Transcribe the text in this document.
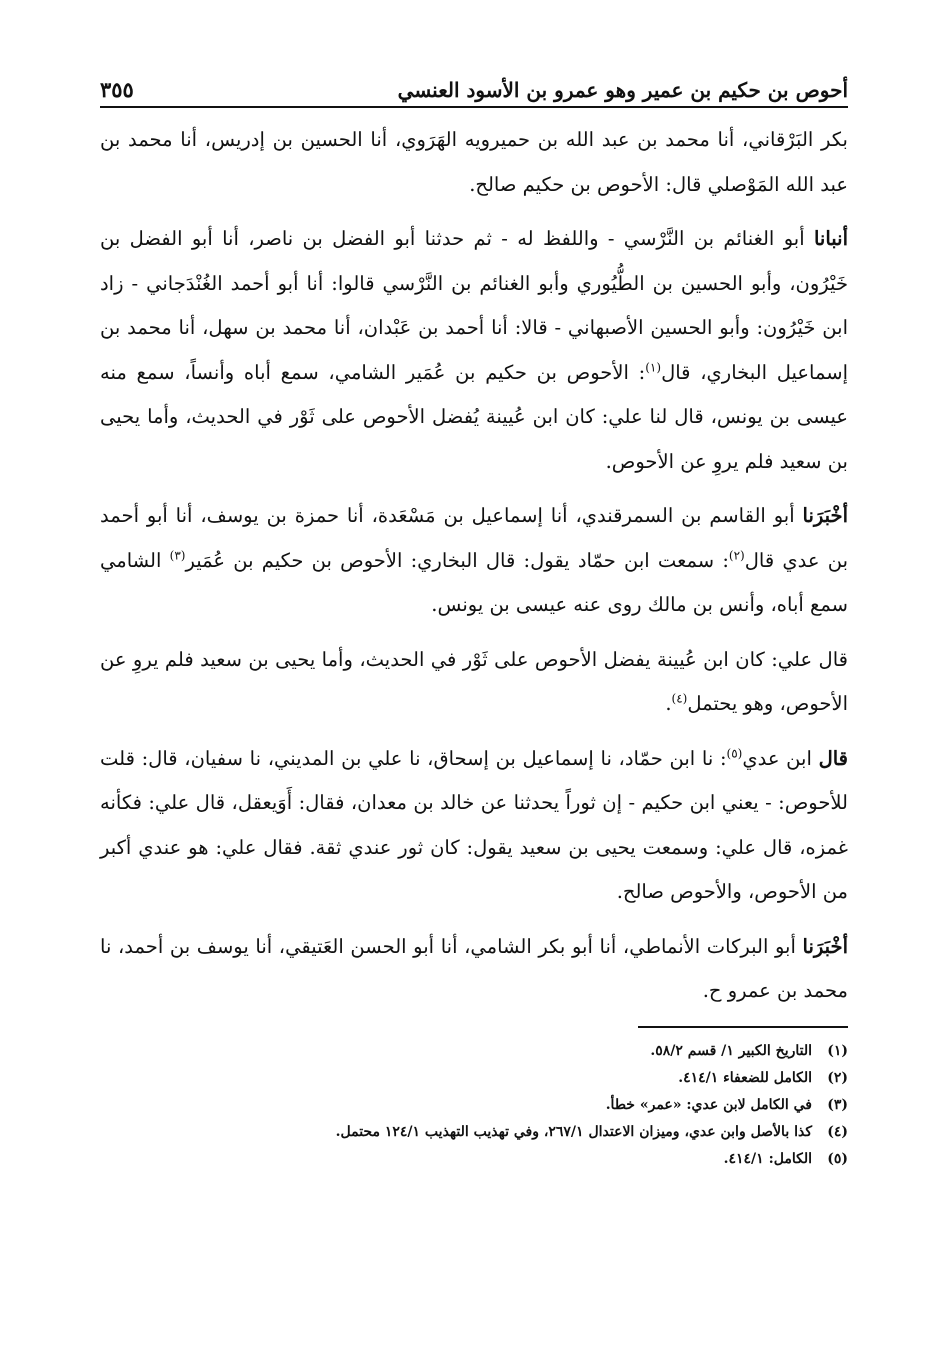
أحوص بن حكيم بن عمير وهو عمرو بن الأسود العنسي
٣٥٥

بكر البَرْقاني، أنا محمد بن عبد الله بن حميرويه الهَرَوي، أنا الحسين بن إدريس، أنا محمد بن عبد الله المَوْصلي قال: الأحوص بن حكيم صالح.

أنبانا أبو الغنائم بن النَّرْسي - واللفظ له - ثم حدثنا أبو الفضل بن ناصر، أنا أبو الفضل بن خَيْرُون، وأبو الحسين بن الطُّيُوري وأبو الغنائم بن النَّرْسي قالوا: أنا أبو أحمد الغُنْدَجاني - زاد ابن خَيْرُون: وأبو الحسين الأصبهاني - قالا: أنا أحمد بن عَبْدان، أنا محمد بن سهل، أنا محمد بن إسماعيل البخاري، قال$^{(١)}$: الأحوص بن حكيم بن عُمَير الشامي، سمع أباه وأنساً، سمع منه عيسى بن يونس، قال لنا علي: كان ابن عُيينة يُفضل الأحوص على ثَوْر في الحديث، وأما يحيى بن سعيد فلم يروِ عن الأحوص.

أخْبَرَنا أبو القاسم بن السمرقندي، أنا إسماعيل بن مَسْعَدة، أنا حمزة بن يوسف، أنا أبو أحمد بن عدي قال$^{(٢)}$: سمعت ابن حمّاد يقول: قال البخاري: الأحوص بن حكيم بن عُمَير$^{(٣)}$ الشامي سمع أباه، وأنس بن مالك روى عنه عيسى بن يونس.

قال علي: كان ابن عُيينة يفضل الأحوص على ثَوْر في الحديث، وأما يحيى بن سعيد فلم يروِ عن الأحوص، وهو يحتمل$^{(٤)}$.

قال ابن عدي$^{(٥)}$: نا ابن حمّاد، نا إسماعيل بن إسحاق، نا علي بن المديني، نا سفيان، قال: قلت للأحوص: - يعني ابن حكيم - إن ثوراً يحدثنا عن خالد بن معدان، فقال: أَوَيعقل، قال علي: فكأنه غمزه، قال علي: وسمعت يحيى بن سعيد يقول: كان ثور عندي ثقة. فقال علي: هو عندي أكبر من الأحوص، والأحوص صالح.

أخْبَرَنا أبو البركات الأنماطي، أنا أبو بكر الشامي، أنا أبو الحسن العَتيقي، أنا يوسف بن أحمد، نا محمد بن عمرو ح.

(١)
التاريخ الكبير ١/ قسم ٥٨/٢.
(٢)
الكامل للضعفاء ٤١٤/١.
(٣)
في الكامل لابن عدي: «عمر» خطأ.
(٤)
كذا بالأصل وابن عدي، وميزان الاعتدال ٢٦٧/١، وفي تهذيب التهذيب ١٢٤/١ محتمل.
(٥)
الكامل: ٤١٤/١.
